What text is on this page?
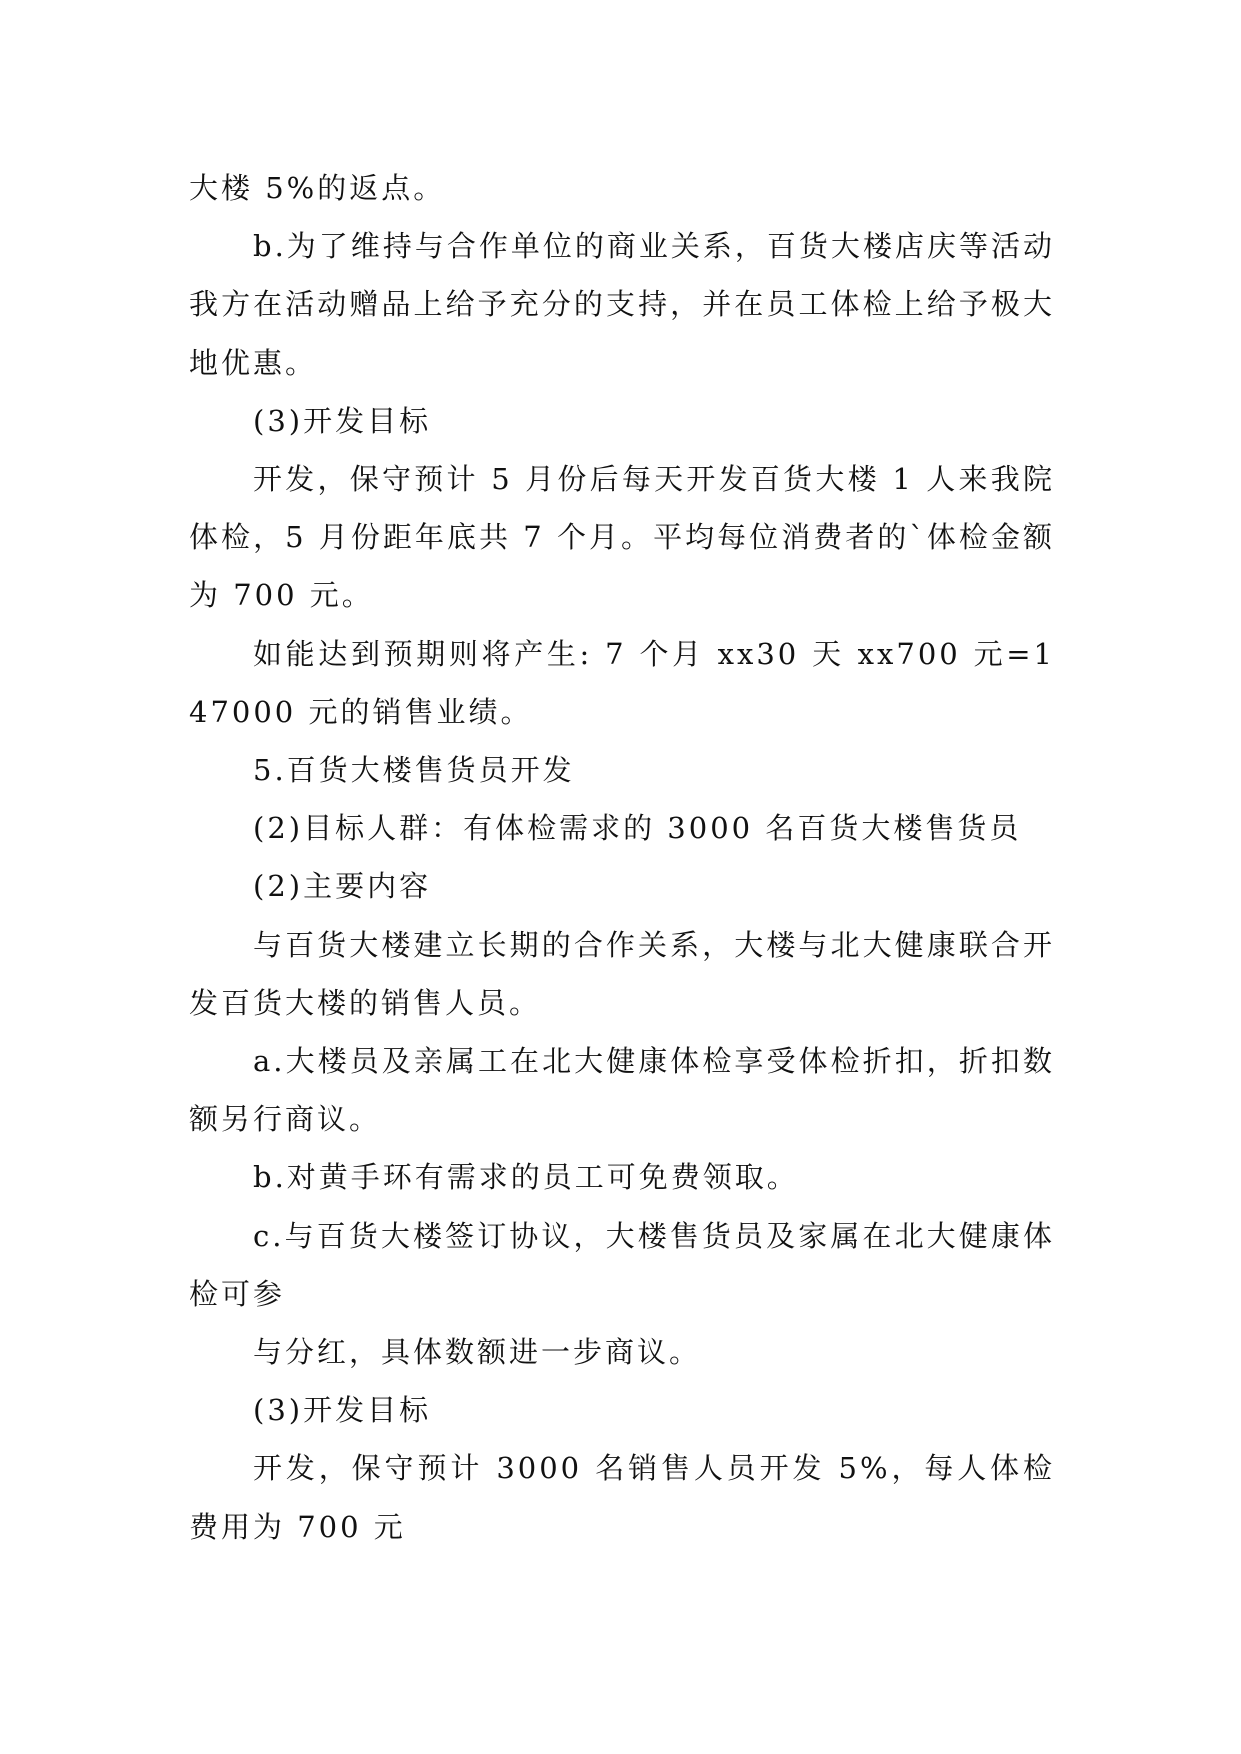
大楼 5%的返点。

b.为了维持与合作单位的商业关系，百货大楼店庆等活动我方在活动赠品上给予充分的支持，并在员工体检上给予极大地优惠。

(3)开发目标

开发，保守预计 5 月份后每天开发百货大楼 1 人来我院体检，5 月份距年底共 7 个月。平均每位消费者的`体检金额为 700 元。

如能达到预期则将产生: 7 个月 xx30 天 xx700 元=147000 元的销售业绩。

5.百货大楼售货员开发

(2)目标人群：有体检需求的 3000 名百货大楼售货员

(2)主要内容

与百货大楼建立长期的合作关系，大楼与北大健康联合开发百货大楼的销售人员。

a.大楼员及亲属工在北大健康体检享受体检折扣，折扣数额另行商议。

b.对黄手环有需求的员工可免费领取。

c.与百货大楼签订协议，大楼售货员及家属在北大健康体检可参

与分红，具体数额进一步商议。

(3)开发目标

开发，保守预计 3000 名销售人员开发 5%，每人体检费用为 700 元
